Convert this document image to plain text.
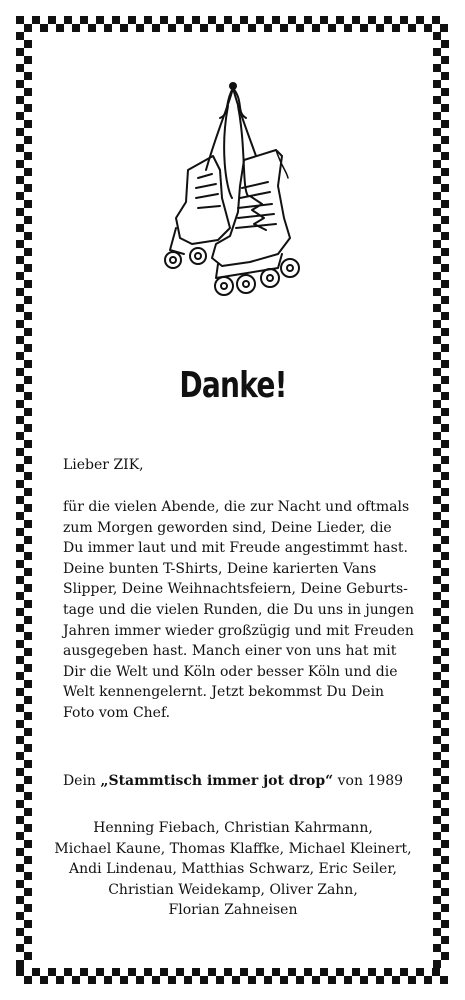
Danke!
Lieber ZIK,
für die vielen Abende, die zur Nacht und oftmals
zum Morgen geworden sind, Deine Lieder, die
Du immer laut und mit Freude angestimmt hast.
Deine bunten T-Shirts, Deine karierten Vans
Slipper, Deine Weihnachtsfeiern, Deine Geburts-
tage und die vielen Runden, die Du uns in jungen
Jahren immer wieder großzügig und mit Freuden
ausgegeben hast. Manch einer von uns hat mit
Dir die Welt und Köln oder besser Köln und die
Welt kennengelernt. Jetzt bekommst Du Dein
Foto vom Chef.
Dein „Stammtisch immer jot drop“ von 1989
Henning Fiebach, Christian Kahrmann,
Michael Kaune, Thomas Klaffke, Michael Kleinert,
Andi Lindenau, Matthias Schwarz, Eric Seiler,
Christian Weidekamp, Oliver Zahn,
Florian Zahneisen
